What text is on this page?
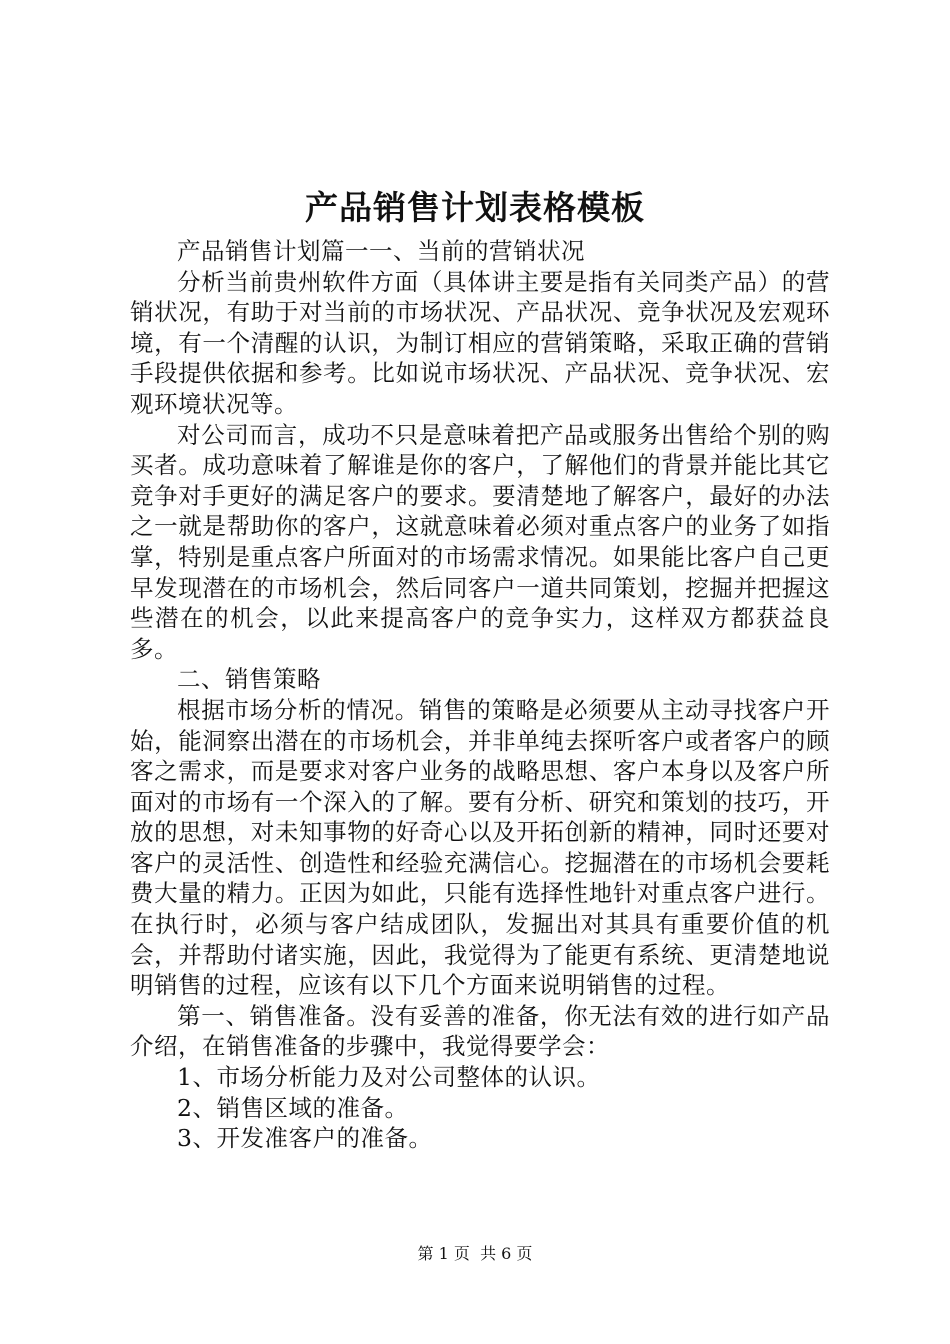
产品销售计划表格模板

产品销售计划篇一一、当前的营销状况

分析当前贵州软件方面（具体讲主要是指有关同类产品）的营销状况，有助于对当前的市场状况、产品状况、竞争状况及宏观环境，有一个清醒的认识，为制订相应的营销策略，采取正确的营销手段提供依据和参考。比如说市场状况、产品状况、竞争状况、宏观环境状况等。

对公司而言，成功不只是意味着把产品或服务出售给个别的购买者。成功意味着了解谁是你的客户，了解他们的背景并能比其它竞争对手更好的满足客户的要求。要清楚地了解客户，最好的办法之一就是帮助你的客户，这就意味着必须对重点客户的业务了如指掌，特别是重点客户所面对的市场需求情况。如果能比客户自己更早发现潜在的市场机会，然后同客户一道共同策划，挖掘并把握这些潜在的机会，以此来提高客户的竞争实力，这样双方都获益良多。

二、销售策略

根据市场分析的情况。销售的策略是必须要从主动寻找客户开始，能洞察出潜在的市场机会，并非单纯去探听客户或者客户的顾客之需求，而是要求对客户业务的战略思想、客户本身以及客户所面对的市场有一个深入的了解。要有分析、研究和策划的技巧，开放的思想，对未知事物的好奇心以及开拓创新的精神，同时还要对客户的灵活性、创造性和经验充满信心。挖掘潜在的市场机会要耗费大量的精力。正因为如此，只能有选择性地针对重点客户进行。在执行时，必须与客户结成团队，发掘出对其具有重要价值的机会，并帮助付诸实施，因此，我觉得为了能更有系统、更清楚地说明销售的过程，应该有以下几个方面来说明销售的过程。

第一、销售准备。没有妥善的准备，你无法有效的进行如产品介绍，在销售准备的步骤中，我觉得要学会：

1、市场分析能力及对公司整体的认识。

2、销售区域的准备。

3、开发准客户的准备。

第 1 页  共 6 页
